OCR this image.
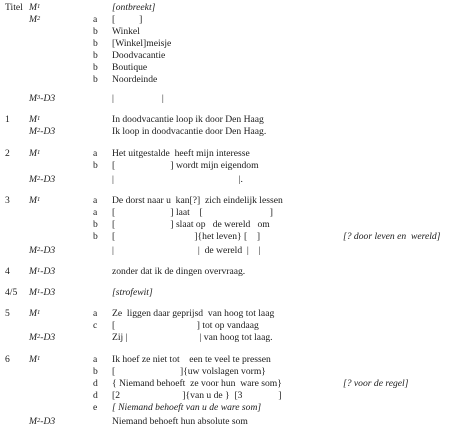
Titel $M^1$	[ontbreekt]
$M^2$	a [          ]
b Winkel
b [Winkel]meisje
b Doodvacantie
b Boutique
b Noordeinde
$M^3-D3$	|                    |
1 $M^1$	In doodvacantie loop ik door Den Haag
$M^2-D3$	Ik loop in doodvacantie door Den Haag.
2 $M^1$	a Het uitgestalde  heeft mijn interesse
b [                       ] wordt mijn eigendom
$M^2-D3$	|                                                    |.
3 $M^1$	a De dorst naar u  kan[?]  zich eindelijk lessen
a [                       ] laat    [                            ]
b [                       ] slaat op   de wereld   om
b [                                 ]{het leven} [    ]	[? door leven en  wereld]
$M^2-D3$	|                                   |  de wereld  |    |
4 $M^1-D3$	zonder dat ik de dingen overvraag.
4/5 $M^1-D3$	[strofewit]
5 $M^1$	a Ze  liggen daar geprijsd  van hoog tot laag
c [                                  ] tot op vandaag
$M^2-D3$	Zij |                              | van hoog tot laag.
6 $M^1$	a Ik hoef ze niet tot    een te veel te pressen
b [                           ]{uw volslagen vorm}
d { Niemand behoeft  ze voor hun  ware som}	[? voor de regel]
d [2                          ]{van u de }  [3               ]
e [ Niemand behoeft van u de ware som]
$M^2-D3$	Niemand behoeft hun absolute som
